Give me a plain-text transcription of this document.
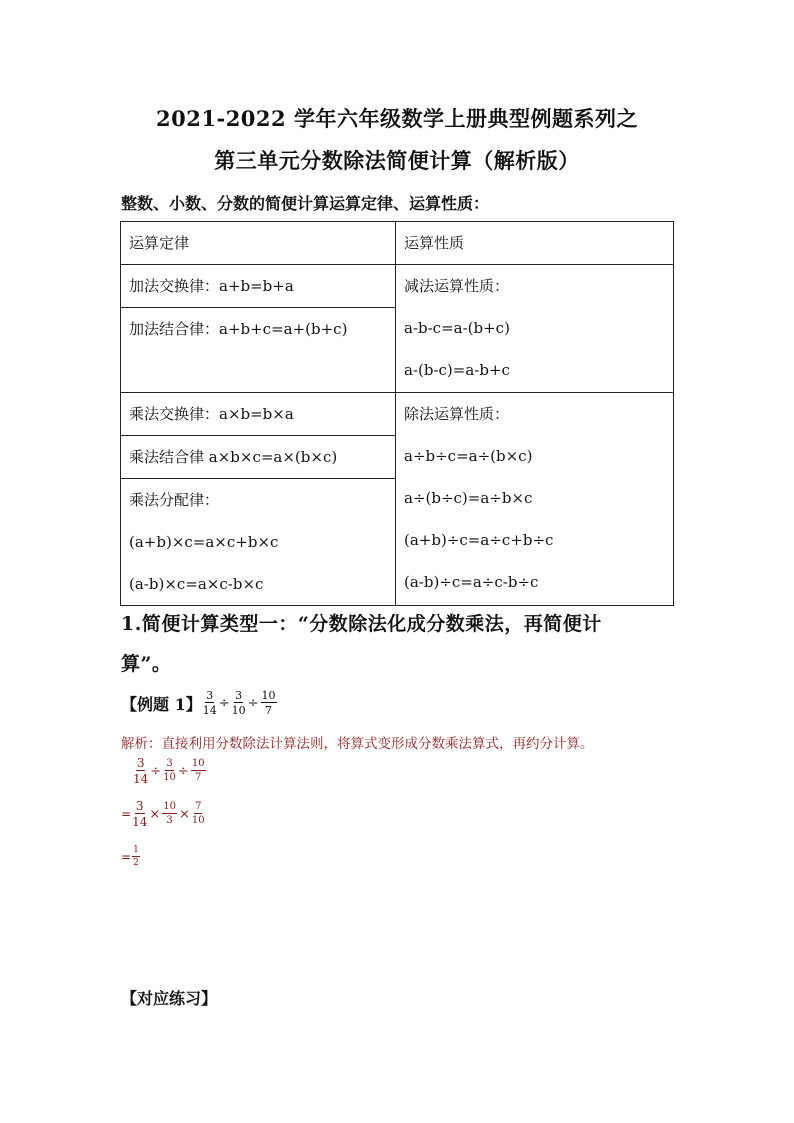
2021-2022 学年六年级数学上册典型例题系列之
第三单元分数除法简便计算（解析版）
整数、小数、分数的简便计算运算定律、运算性质：
运算定律	运算性质

加法交换律：a+b=b+a	减法运算性质：
a-b-c=a-(b+c)
a-(b-c)=a-b+c

加法结合律：a+b+c=a+(b+c)	

乘法交换律：a×b=b×a	除法运算性质：
a÷b÷c=a÷(b×c)
a÷(b÷c)=a÷b×c
(a+b)÷c=a÷c+b÷c
(a-b)÷c=a÷c-b÷c

乘法结合律 a×b×c=a×(b×c)	

乘法分配律：
(a+b)×c=a×c+b×c
(a-b)×c=a×c-b×c	
1.简便计算类型一：“分数除法化成分数乘法，再简便计
算”。
【例题 1】 $\frac{3}{14} \div \frac{3}{10} \div \frac{10}{7}$
解析：直接利用分数除法计算法则，将算式变形成分数乘法算式，再约分计算。
$\frac{3}{14} \div \frac{3}{10} \div \frac{10}{7}$
= $\frac{3}{14} \times \frac{10}{3} \times \frac{7}{10}$
= $\frac{1}{2}$
【对应练习】
